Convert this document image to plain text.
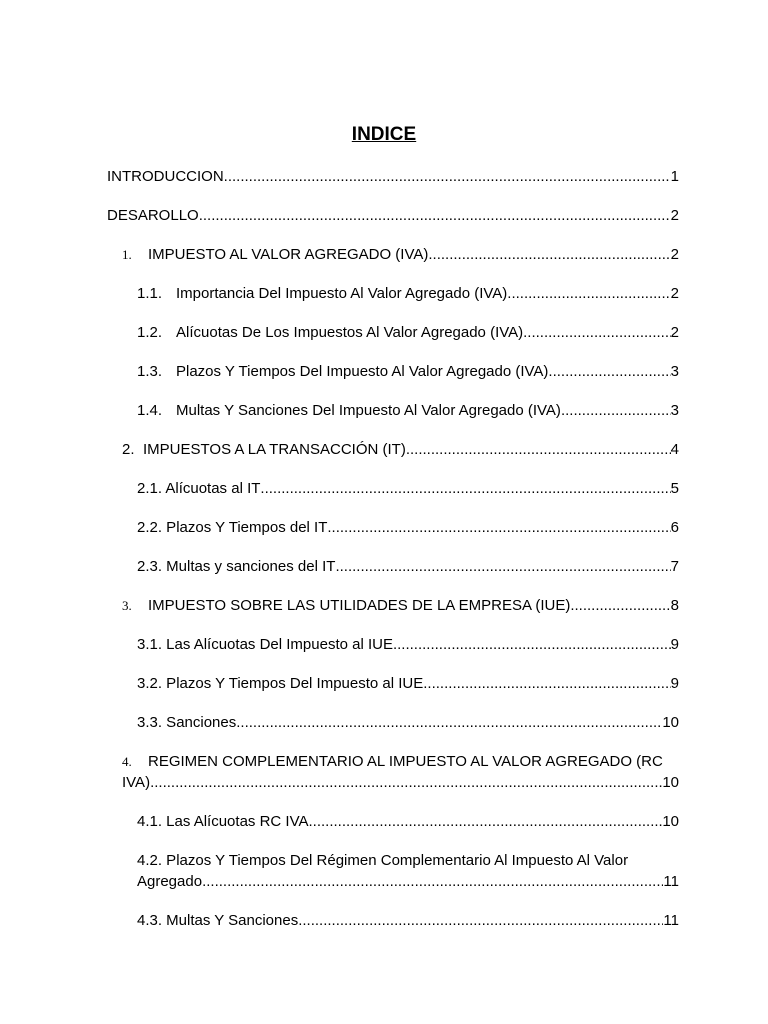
INDICE
INTRODUCCION .....	1
DESAROLLO .....	2
1.	IMPUESTO AL VALOR AGREGADO (IVA) .....	2
1.1. Importancia Del Impuesto Al Valor Agregado (IVA) .....	2
1.2. Alícuotas De Los Impuestos Al Valor Agregado (IVA) .....	2
1.3. Plazos Y Tiempos Del Impuesto Al Valor Agregado (IVA) .....	3
1.4. Multas Y Sanciones Del Impuesto Al Valor Agregado (IVA) .....	3
2. IMPUESTOS A LA TRANSACCIÓN (IT) .....	4
2.1. Alícuotas al IT .....	5
2.2. Plazos Y Tiempos del IT .....	6
2.3. Multas y sanciones del IT .....	7
3.	IMPUESTO SOBRE LAS UTILIDADES DE LA EMPRESA (IUE) .....	8
3.1. Las Alícuotas Del Impuesto al IUE .....	9
3.2. Plazos Y Tiempos Del Impuesto al IUE .....	9
3.3. Sanciones .....	10
4.	REGIMEN COMPLEMENTARIO AL IMPUESTO AL VALOR AGREGADO (RC
IVA) .....	10
4.1. Las Alícuotas RC IVA .....	10
4.2. Plazos Y Tiempos Del Régimen Complementario Al Impuesto Al Valor
Agregado .....	11
4.3. Multas Y Sanciones .....	11
